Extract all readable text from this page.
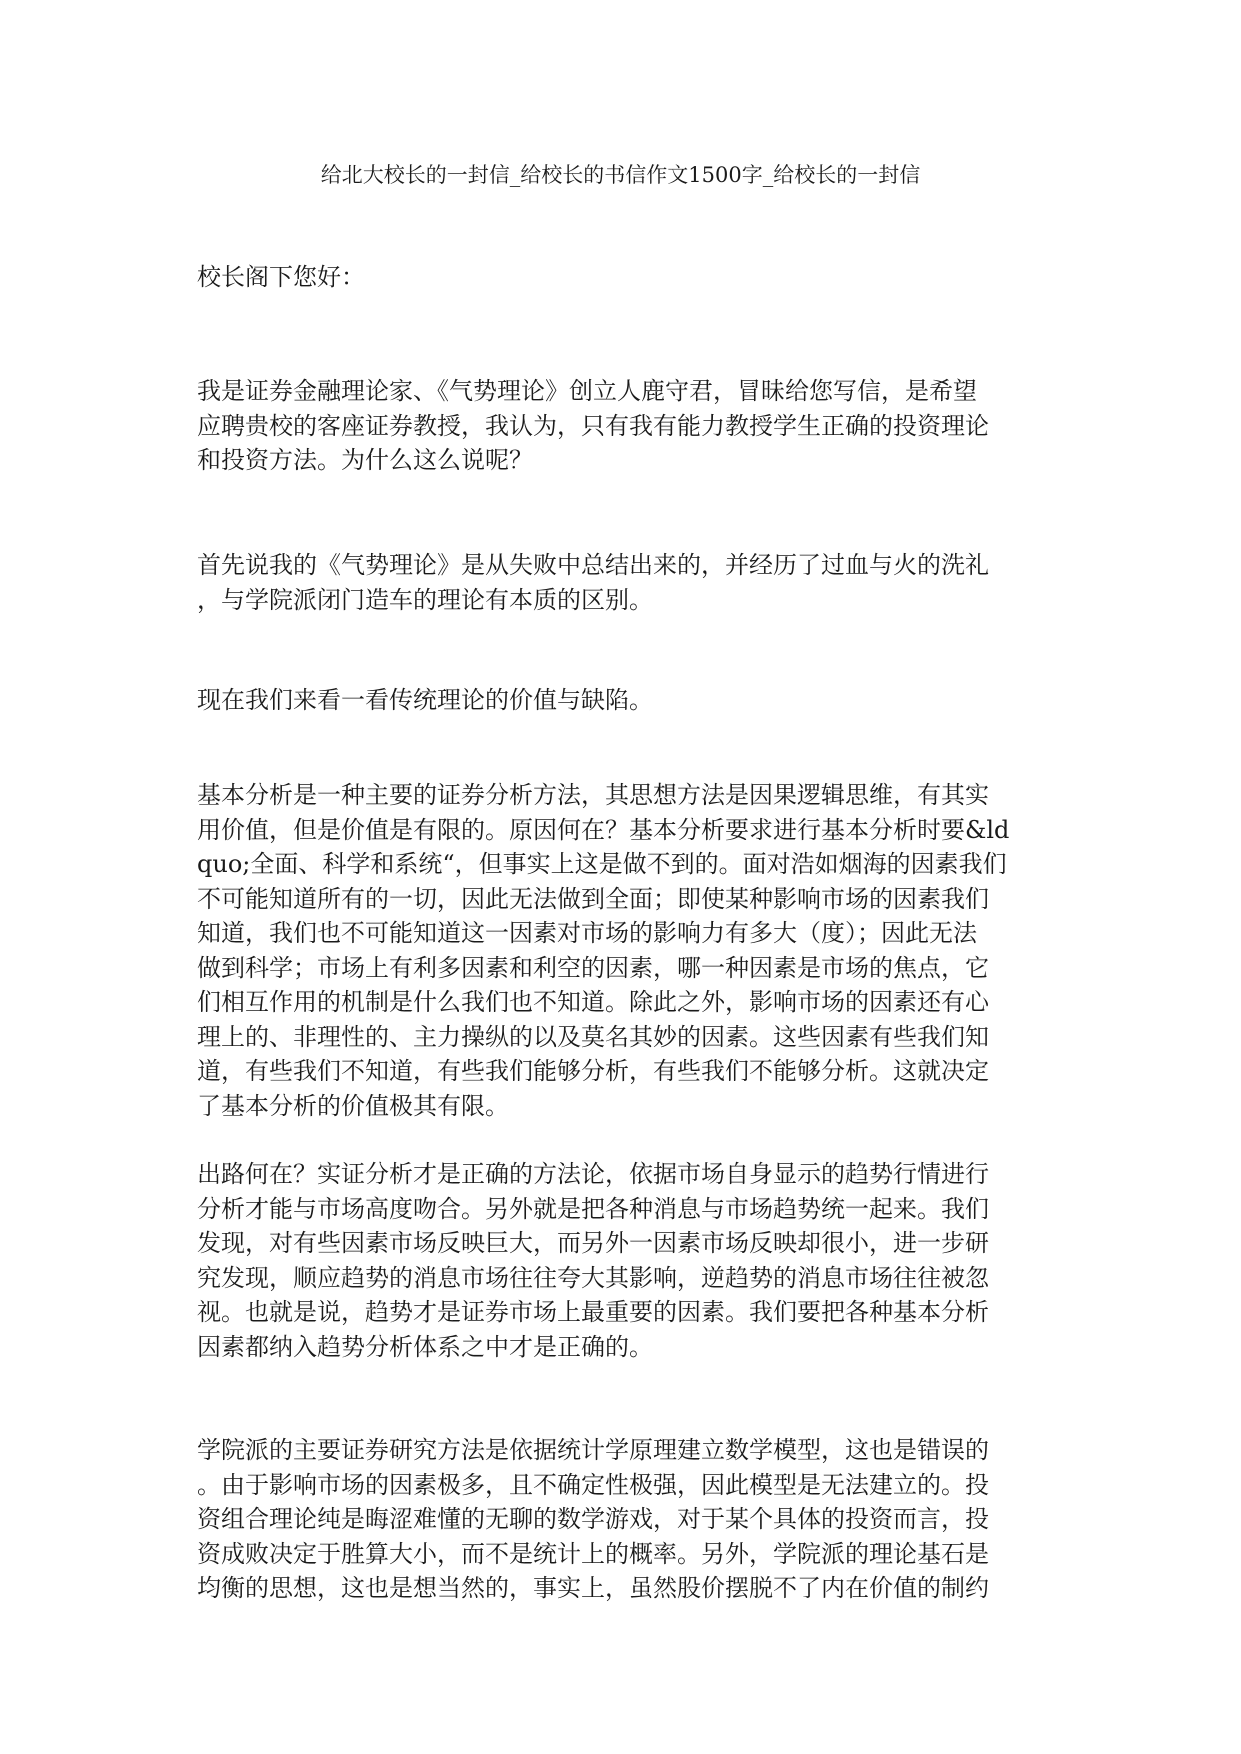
给北大校长的一封信_给校长的书信作文1500字_给校长的一封信

校长阁下您好：

我是证券金融理论家、《气势理论》创立人鹿守君，冒昧给您写信，是希望
应聘贵校的客座证券教授，我认为，只有我有能力教授学生正确的投资理论
和投资方法。为什么这么说呢？
首先说我的《气势理论》是从失败中总结出来的，并经历了过血与火的洗礼
，与学院派闭门造车的理论有本质的区别。
现在我们来看一看传统理论的价值与缺陷。
基本分析是一种主要的证券分析方法，其思想方法是因果逻辑思维，有其实
用价值，但是价值是有限的。原因何在？基本分析要求进行基本分析时要&ld
quo;全面、科学和系统“，但事实上这是做不到的。面对浩如烟海的因素我们
不可能知道所有的一切，因此无法做到全面；即使某种影响市场的因素我们
知道，我们也不可能知道这一因素对市场的影响力有多大（度）；因此无法
做到科学；市场上有利多因素和利空的因素，哪一种因素是市场的焦点，它
们相互作用的机制是什么我们也不知道。除此之外，影响市场的因素还有心
理上的、非理性的、主力操纵的以及莫名其妙的因素。这些因素有些我们知
道，有些我们不知道，有些我们能够分析，有些我们不能够分析。这就决定
了基本分析的价值极其有限。
出路何在？实证分析才是正确的方法论，依据市场自身显示的趋势行情进行
分析才能与市场高度吻合。另外就是把各种消息与市场趋势统一起来。我们
发现，对有些因素市场反映巨大，而另外一因素市场反映却很小，进一步研
究发现，顺应趋势的消息市场往往夸大其影响，逆趋势的消息市场往往被忽
视。也就是说，趋势才是证券市场上最重要的因素。我们要把各种基本分析
因素都纳入趋势分析体系之中才是正确的。
学院派的主要证券研究方法是依据统计学原理建立数学模型，这也是错误的
。由于影响市场的因素极多，且不确定性极强，因此模型是无法建立的。投
资组合理论纯是晦涩难懂的无聊的数学游戏，对于某个具体的投资而言，投
资成败决定于胜算大小，而不是统计上的概率。另外，学院派的理论基石是
均衡的思想，这也是想当然的，事实上，虽然股价摆脱不了内在价值的制约
